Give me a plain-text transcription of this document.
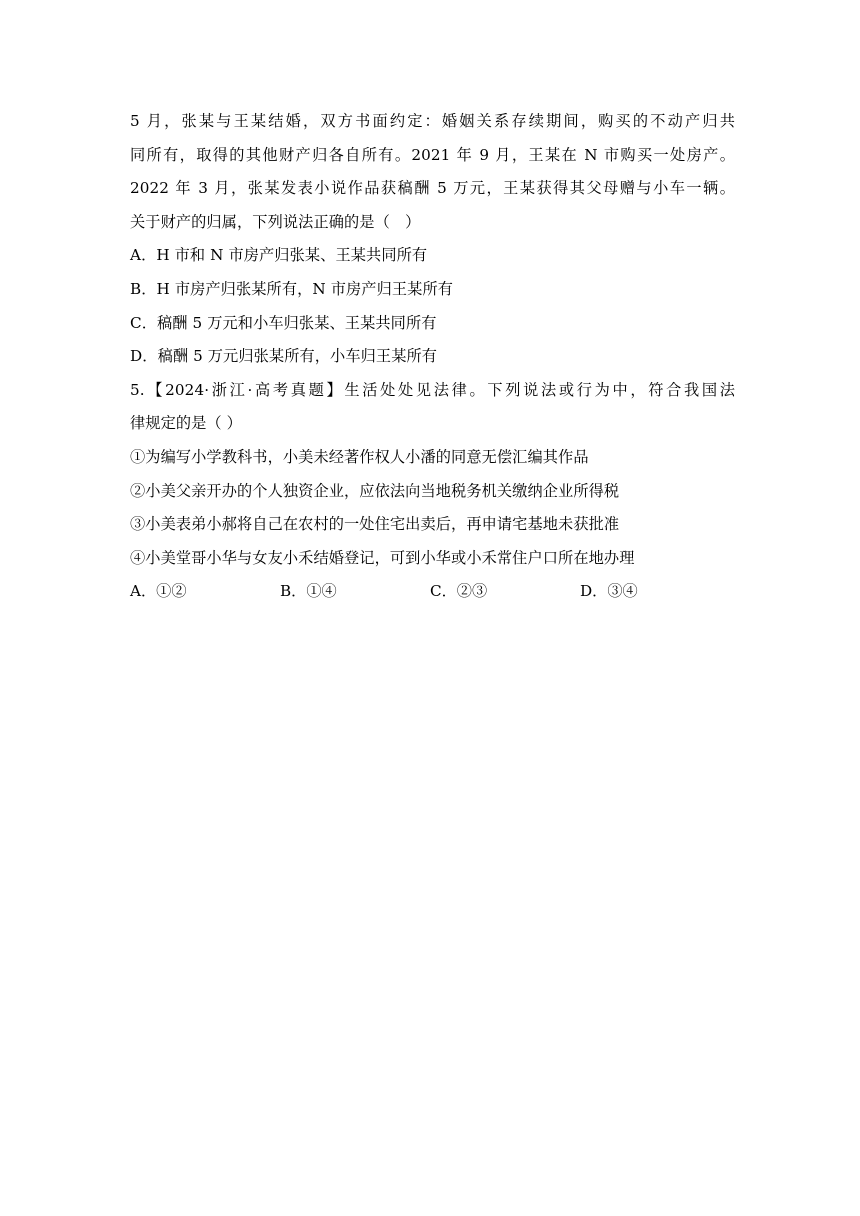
5 月，张某与王某结婚，双方书面约定：婚姻关系存续期间，购买的不动产归共
同所有，取得的其他财产归各自所有。2021 年 9 月，王某在 N 市购买一处房产。
2022 年 3 月，张某发表小说作品获稿酬 5 万元，王某获得其父母赠与小车一辆。
关于财产的归属，下列说法正确的是（　）
A．H 市和 N 市房产归张某、王某共同所有
B．H 市房产归张某所有，N 市房产归王某所有
C．稿酬 5 万元和小车归张某、王某共同所有
D．稿酬 5 万元归张某所有，小车归王某所有
5.【2024·浙江·高考真题】生活处处见法律。下列说法或行为中，符合我国法
律规定的是（ ）
①为编写小学教科书，小美未经著作权人小潘的同意无偿汇编其作品
②小美父亲开办的个人独资企业，应依法向当地税务机关缴纳企业所得税
③小美表弟小郝将自己在农村的一处住宅出卖后，再申请宅基地未获批准
④小美堂哥小华与女友小禾结婚登记，可到小华或小禾常住户口所在地办理
A．①②	B．①④	C．②③	D．③④
